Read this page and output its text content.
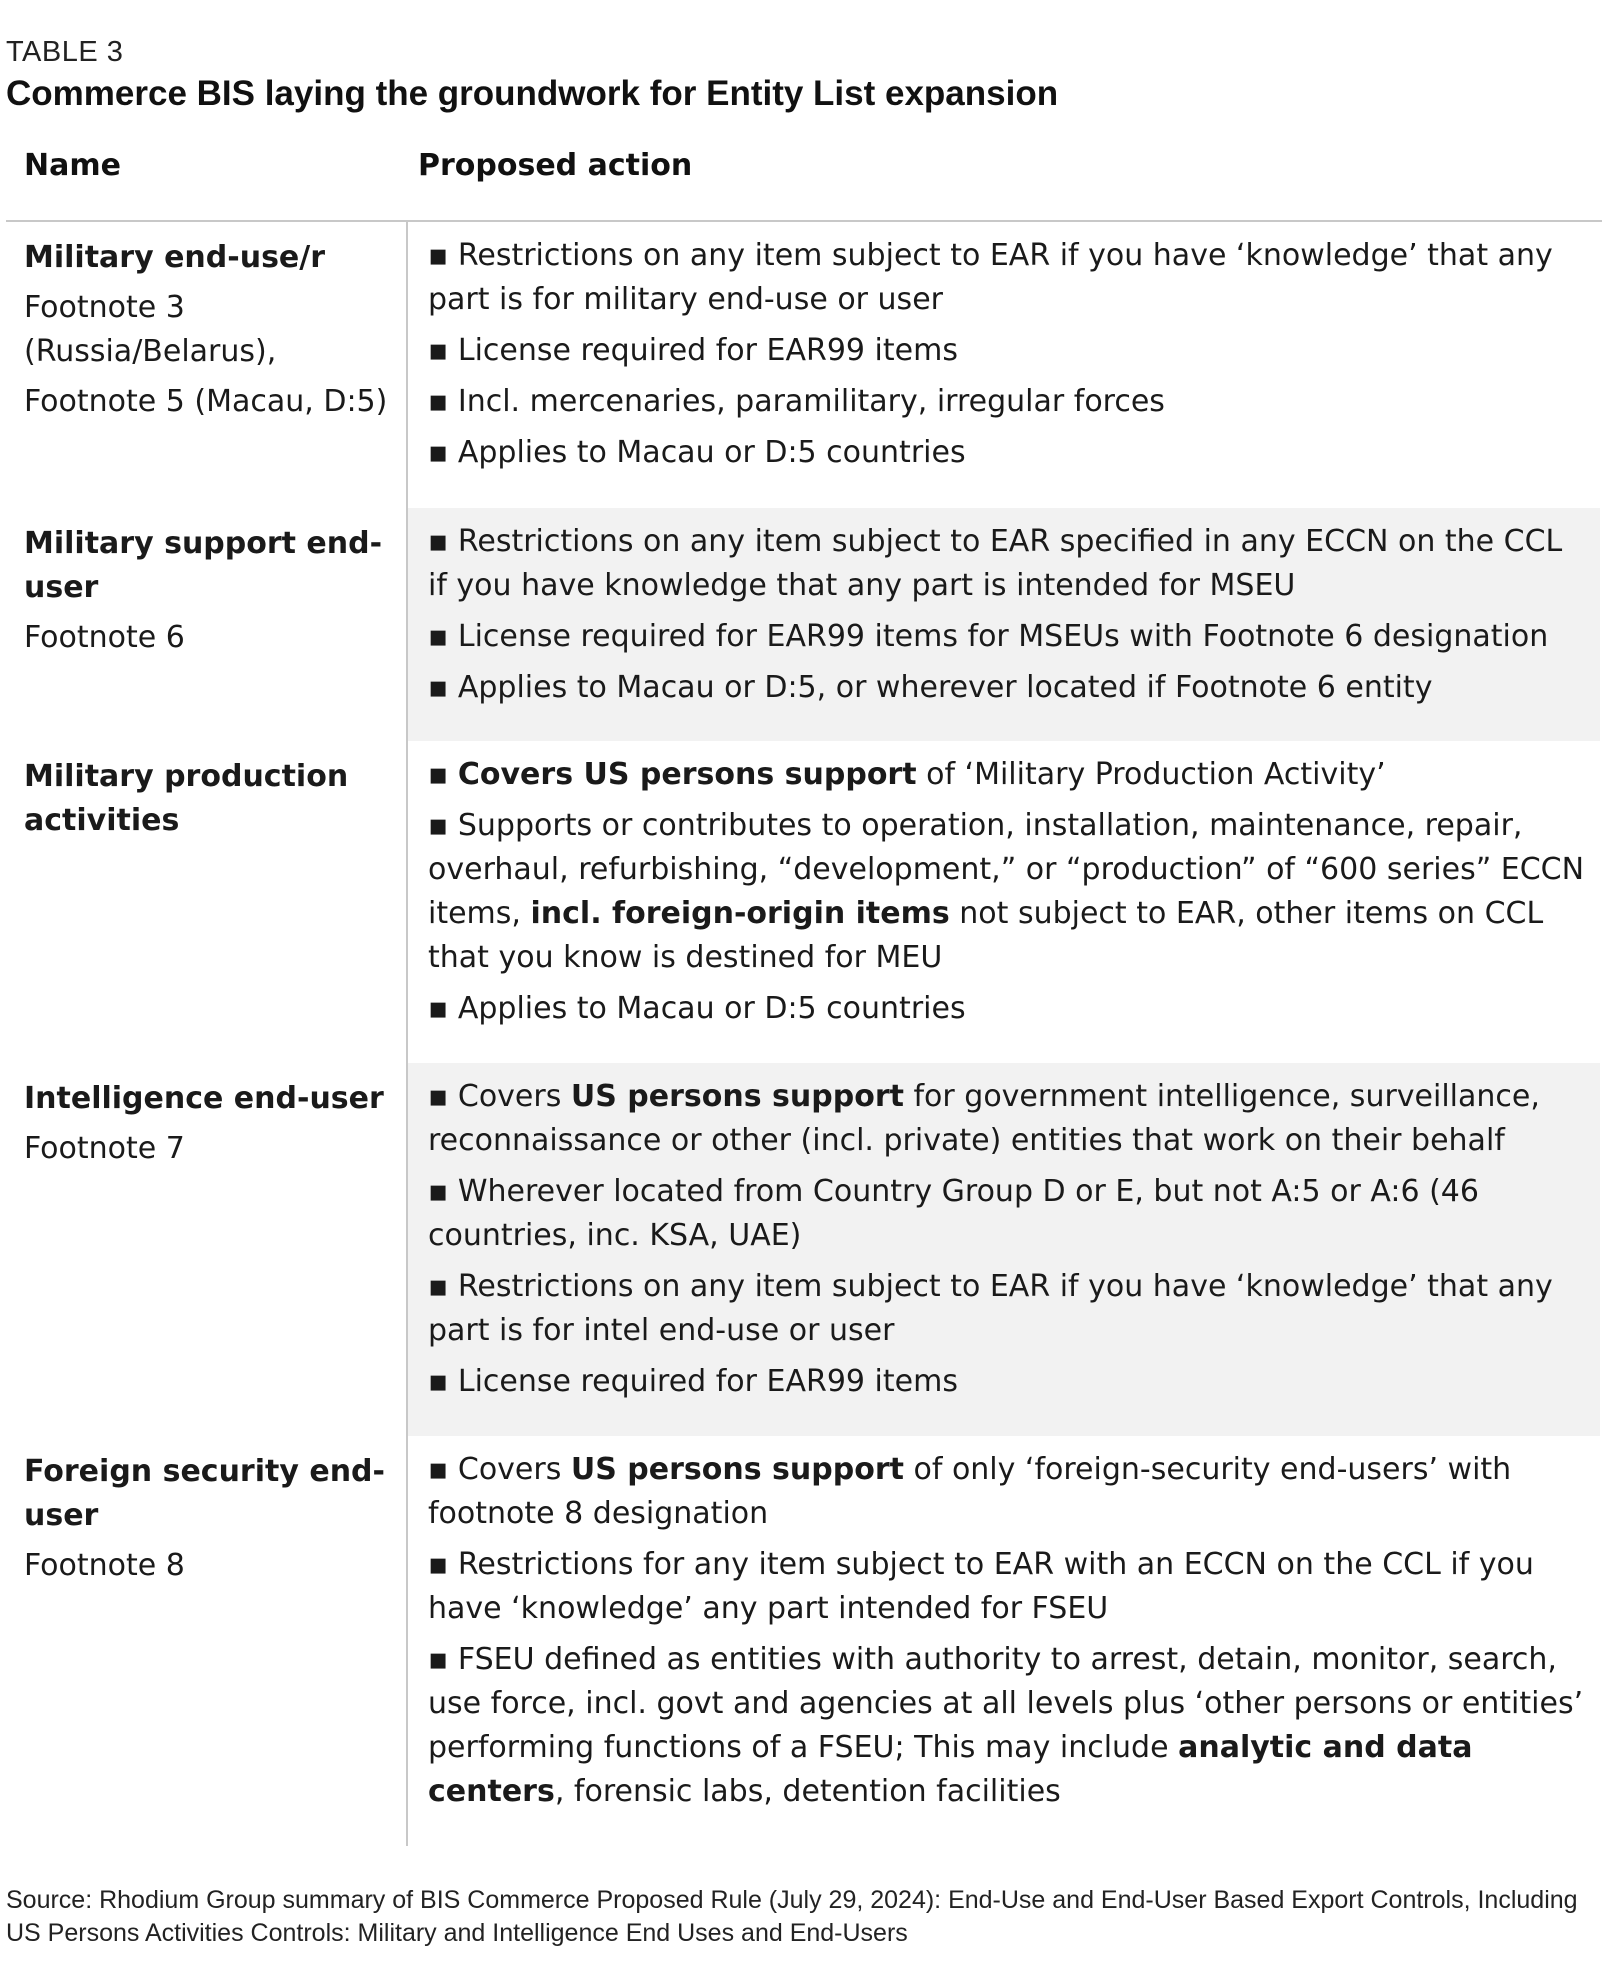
TABLE 3
Commerce BIS laying the groundwork for Entity List expansion
Name	Proposed action
Military end-use/r
Footnote 3 (Russia/Belarus),
Footnote 5 (Macau, D:5)

▪ Restrictions on any item subject to EAR if you have ‘knowledge’ that any part is for military end-use or user

▪ License required for EAR99 items

▪ Incl. mercenaries, paramilitary, irregular forces

▪ Applies to Macau or D:5 countries

Military support end-user
Footnote 6

▪ Restrictions on any item subject to EAR specified in any ECCN on the CCL if you have knowledge that any part is intended for MSEU

▪ License required for EAR99 items for MSEUs with Footnote 6 designation

▪ Applies to Macau or D:5, or wherever located if Footnote 6 entity

Military production activities

▪ Covers US persons support of ‘Military Production Activity’

▪ Supports or contributes to operation, installation, maintenance, repair, overhaul, refurbishing, “development,” or “production” of “600 series” ECCN items, incl. foreign-origin items not subject to EAR, other items on CCL that you know is destined for MEU

▪ Applies to Macau or D:5 countries

Intelligence end-user
Footnote 7

▪ Covers US persons support for government intelligence, surveillance, reconnaissance or other (incl. private) entities that work on their behalf

▪ Wherever located from Country Group D or E, but not A:5 or A:6 (46 countries, inc. KSA, UAE)

▪ Restrictions on any item subject to EAR if you have ‘knowledge’ that any part is for intel end-use or user

▪ License required for EAR99 items

Foreign security end-user
Footnote 8

▪ Covers US persons support of only ‘foreign-security end-users’ with footnote 8 designation

▪ Restrictions for any item subject to EAR with an ECCN on the CCL if you have ‘knowledge’ any part intended for FSEU

▪ FSEU defined as entities with authority to arrest, detain, monitor, search, use force, incl. govt and agencies at all levels plus ‘other persons or entities’ performing functions of a FSEU; This may include analytic and data centers, forensic labs, detention facilities

Source: Rhodium Group summary of BIS Commerce Proposed Rule (July 29, 2024): End-Use and End-User Based Export Controls, Including US Persons Activities Controls: Military and Intelligence End Uses and End-Users
